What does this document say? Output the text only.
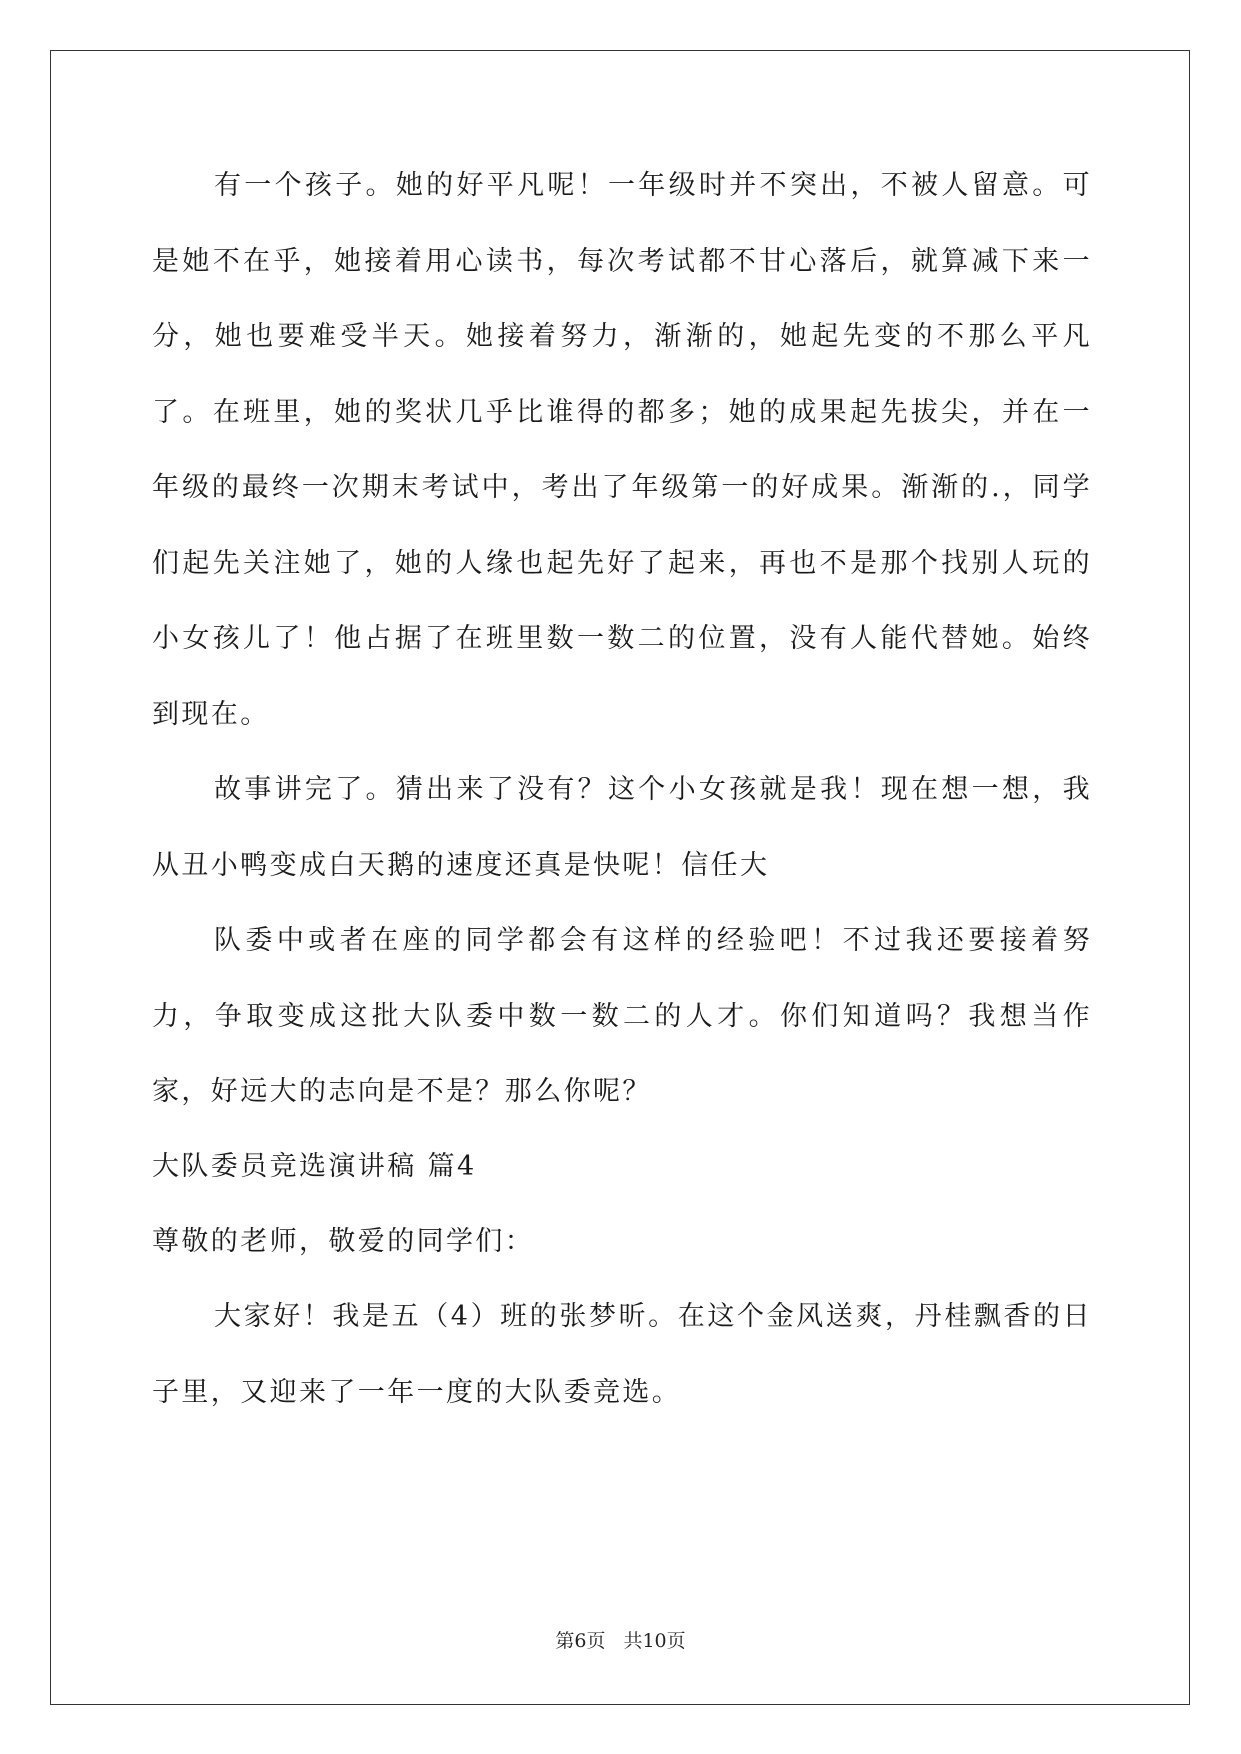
有一个孩子。她的好平凡呢！一年级时并不突出，不被人留意。可是她不在乎，她接着用心读书，每次考试都不甘心落后，就算减下来一分，她也要难受半天。她接着努力，渐渐的，她起先变的不那么平凡了。在班里，她的奖状几乎比谁得的都多；她的成果起先拔尖，并在一年级的最终一次期末考试中，考出了年级第一的好成果。渐渐的.，同学们起先关注她了，她的人缘也起先好了起来，再也不是那个找别人玩的小女孩儿了！他占据了在班里数一数二的位置，没有人能代替她。始终到现在。

故事讲完了。猜出来了没有？这个小女孩就是我！现在想一想，我从丑小鸭变成白天鹅的速度还真是快呢！信任大

队委中或者在座的同学都会有这样的经验吧！不过我还要接着努力，争取变成这批大队委中数一数二的人才。你们知道吗？我想当作家，好远大的志向是不是？那么你呢？

大队委员竞选演讲稿 篇4

尊敬的老师，敬爱的同学们：

大家好！我是五（4）班的张梦昕。在这个金风送爽，丹桂飘香的日子里，又迎来了一年一度的大队委竞选。

第6页 共10页
